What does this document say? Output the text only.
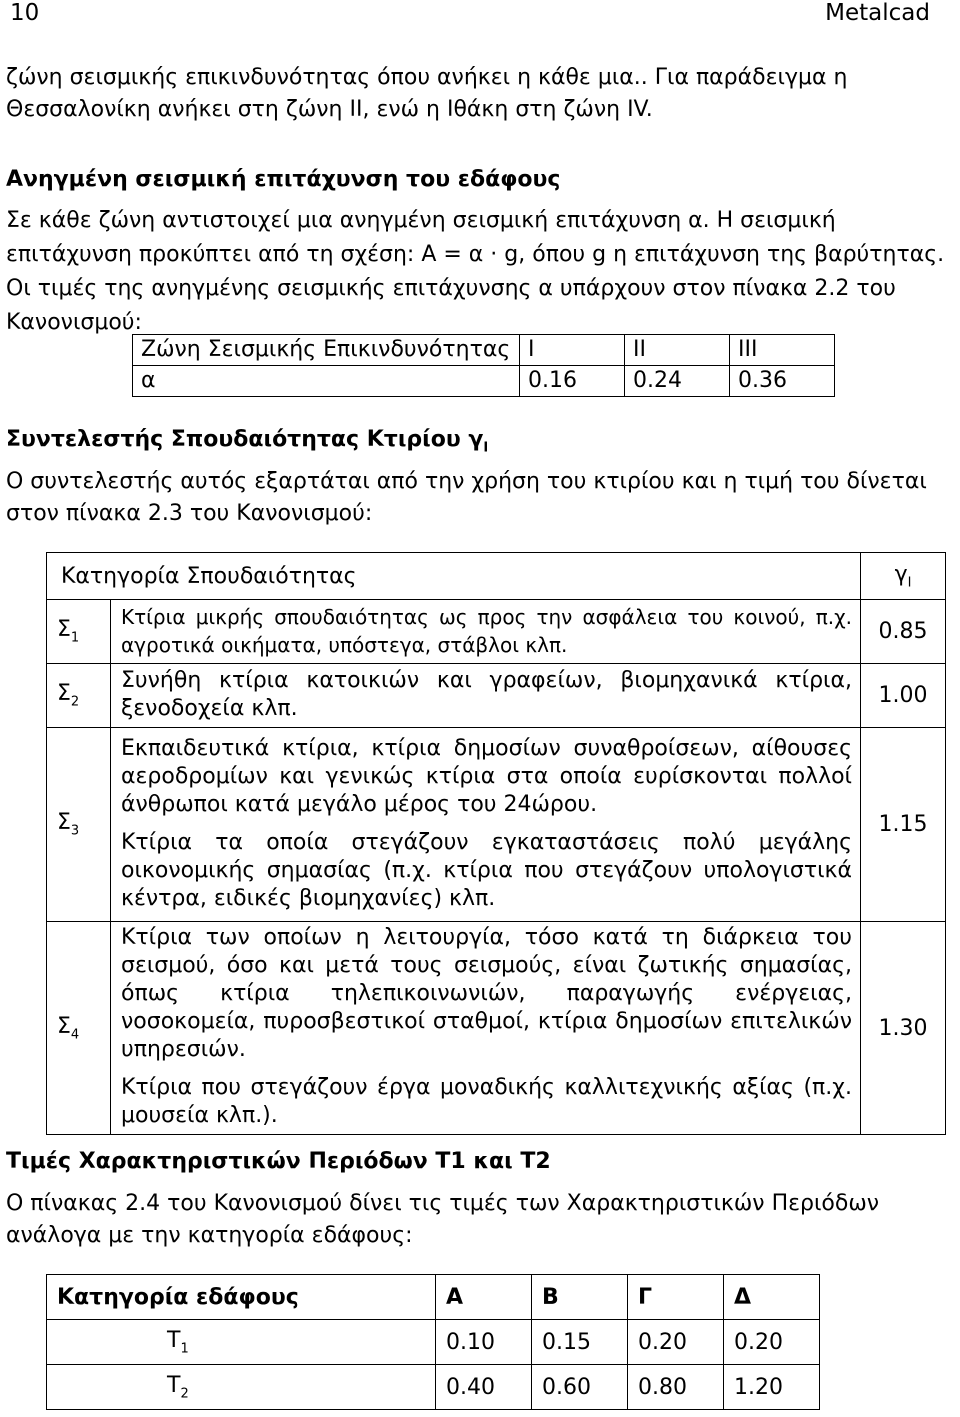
10	Metalcad

ζώνη σεισμικής επικινδυνότητας όπου ανήκει η κάθε μια.. Για παράδειγμα η Θεσσαλονίκη ανήκει στη ζώνη ΙΙ, ενώ η Ιθάκη στη ζώνη IV.

Ανηγμένη σεισμική επιτάχυνση του εδάφους

Σε κάθε ζώνη αντιστοιχεί μια ανηγμένη σεισμική επιτάχυνση α. Η σεισμική επιτάχυνση προκύπτει από τη σχέση: A = α · g, όπου g η επιτάχυνση της βαρύτητας. Οι τιμές της ανηγμένης σεισμικής επιτάχυνσης α υπάρχουν στον πίνακα 2.2 του Κανονισμού:

Ζώνη Σεισμικής Επικινδυνότητας	I	II	III
α	0.16	0.24	0.36

Συντελεστής Σπουδαιότητας Κτιρίου $\gamma_I$

Ο συντελεστής αυτός εξαρτάται από την χρήση του κτιρίου και η τιμή του δίνεται στον πίνακα 2.3 του Κανονισμού:

Κατηγορία Σπουδαιότητας		$\gamma_I$
$\Sigma_1$	Κτίρια μικρής σπουδαιότητας ως προς την ασφάλεια του κοινού, π.χ. αγροτικά οικήματα, υπόστεγα, στάβλοι κλπ.	0.85
$\Sigma_2$	Συνήθη κτίρια κατοικιών και γραφείων, βιομηχανικά κτίρια, ξενοδοχεία κλπ.	1.00
$\Sigma_3$	Εκπαιδευτικά κτίρια, κτίρια δημοσίων συναθροίσεων, αίθουσες αεροδρομίων και γενικώς κτίρια στα οποία ευρίσκονται πολλοί άνθρωποι κατά μεγάλο μέρος του 24ώρου.

Κτίρια τα οποία στεγάζουν εγκαταστάσεις πολύ μεγάλης οικονομικής σημασίας (π.χ. κτίρια που στεγάζουν υπολογιστικά κέντρα, ειδικές βιομηχανίες) κλπ.	1.15
$\Sigma_4$	Κτίρια των οποίων η λειτουργία, τόσο κατά τη διάρκεια του σεισμού, όσο και μετά τους σεισμούς, είναι ζωτικής σημασίας, όπως κτίρια τηλεπικοινωνιών, παραγωγής ενέργειας, νοσοκομεία, πυροσβεστικοί σταθμοί, κτίρια δημοσίων επιτελικών υπηρεσιών.

Κτίρια που στεγάζουν έργα μοναδικής καλλιτεχνικής αξίας (π.χ. μουσεία κλπ.).	1.30

Τιμές Χαρακτηριστικών Περιόδων Τ1 και Τ2

Ο πίνακας 2.4 του Κανονισμού δίνει τις τιμές των Χαρακτηριστικών Περιόδων ανάλογα με την κατηγορία εδάφους:

Κατηγορία εδάφους	Α	Β	Γ	Δ
$T_1$	0.10	0.15	0.20	0.20
$T_2$	0.40	0.60	0.80	1.20
